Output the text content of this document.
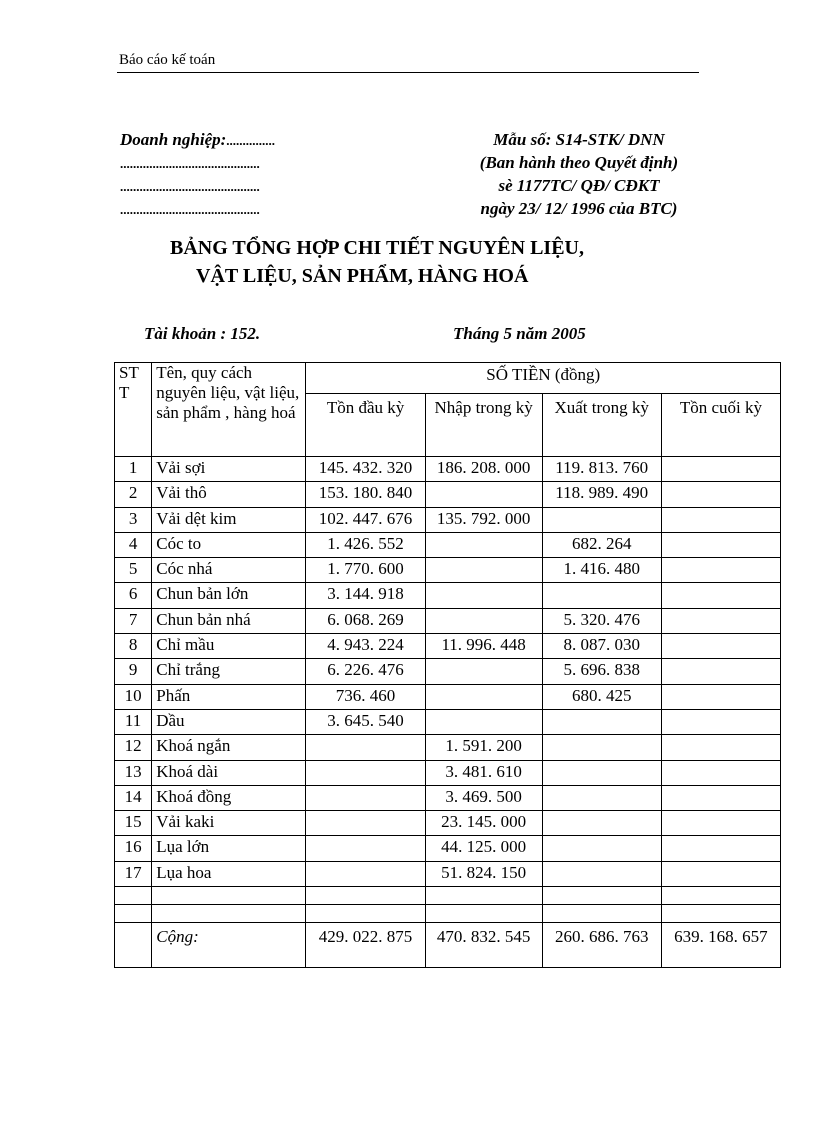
Báo cáo kế toán
Doanh nghiệp:...............
...........................................
...........................................
...........................................
Mẫu số: S14-STK/ DNN
(Ban hành theo Quyết định)
sè 1177TC/ QĐ/ CĐKT
ngày 23/ 12/ 1996 của BTC)
BẢNG TỔNG HỢP CHI TIẾT NGUYÊN LIỆU,
VẬT LIỆU, SẢN PHẨM, HÀNG HOÁ
Tài khoản : 152.	Tháng 5 năm 2005
ST T	Tên, quy cách nguyên liệu, vật liệu, sản phẩm , hàng hoá	SỐ TIỀN (đồng)			
		Tồn đầu kỳ	Nhập trong kỳ	Xuất trong kỳ	Tồn cuối kỳ
1	Vải sợi	145. 432. 320	186. 208. 000	119. 813. 760	
2	Vải thô	153. 180. 840		118. 989. 490	
3	Vải dệt kim	102. 447. 676	135. 792. 000		
4	Cóc to	1. 426. 552		682. 264	
5	Cóc nhá	1. 770. 600		1. 416. 480	
6	Chun bản lớn	3. 144. 918			
7	Chun bản nhá	6. 068. 269		5. 320. 476	
8	Chỉ mầu	4. 943. 224	11. 996. 448	8. 087. 030	
9	Chỉ trắng	6. 226. 476		5. 696. 838	
10	Phấn	736. 460		680. 425	
11	Dầu	3. 645. 540			
12	Khoá ngắn		1. 591. 200		
13	Khoá dài		3. 481. 610		
14	Khoá đồng		3. 469. 500		
15	Vải kaki		23. 145. 000		
16	Lụa lớn		44. 125. 000		
17	Lụa hoa		51. 824. 150		

	Cộng:	429. 022. 875	470. 832. 545	260. 686. 763	639. 168. 657
